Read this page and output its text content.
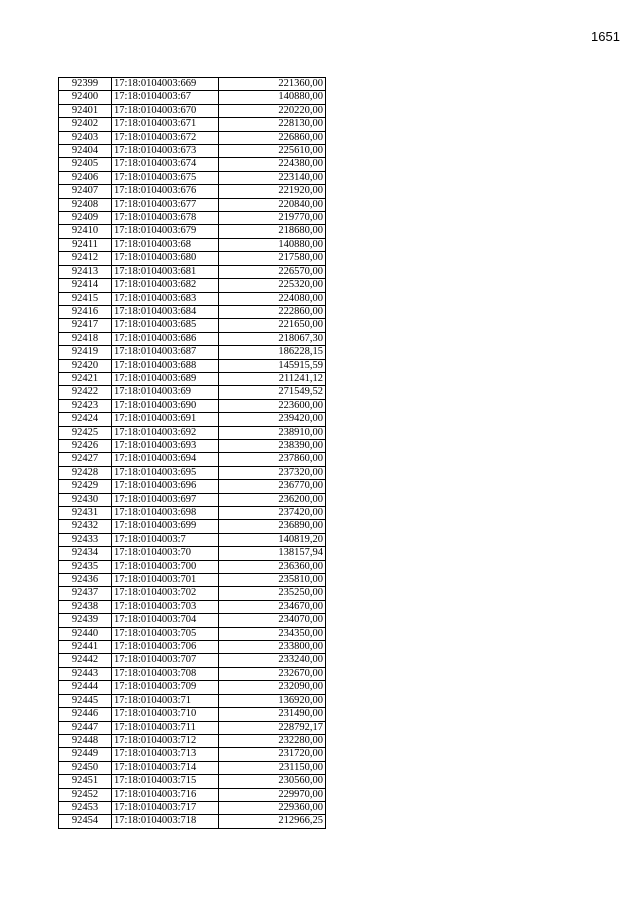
1651
92399	17:18:0104003:669	221360,00
92400	17:18:0104003:67	140880,00
92401	17:18:0104003:670	220220,00
92402	17:18:0104003:671	228130,00
92403	17:18:0104003:672	226860,00
92404	17:18:0104003:673	225610,00
92405	17:18:0104003:674	224380,00
92406	17:18:0104003:675	223140,00
92407	17:18:0104003:676	221920,00
92408	17:18:0104003:677	220840,00
92409	17:18:0104003:678	219770,00
92410	17:18:0104003:679	218680,00
92411	17:18:0104003:68	140880,00
92412	17:18:0104003:680	217580,00
92413	17:18:0104003:681	226570,00
92414	17:18:0104003:682	225320,00
92415	17:18:0104003:683	224080,00
92416	17:18:0104003:684	222860,00
92417	17:18:0104003:685	221650,00
92418	17:18:0104003:686	218067,30
92419	17:18:0104003:687	186228,15
92420	17:18:0104003:688	145915,59
92421	17:18:0104003:689	211241,12
92422	17:18:0104003:69	271549,52
92423	17:18:0104003:690	223600,00
92424	17:18:0104003:691	239420,00
92425	17:18:0104003:692	238910,00
92426	17:18:0104003:693	238390,00
92427	17:18:0104003:694	237860,00
92428	17:18:0104003:695	237320,00
92429	17:18:0104003:696	236770,00
92430	17:18:0104003:697	236200,00
92431	17:18:0104003:698	237420,00
92432	17:18:0104003:699	236890,00
92433	17:18:0104003:7	140819,20
92434	17:18:0104003:70	138157,94
92435	17:18:0104003:700	236360,00
92436	17:18:0104003:701	235810,00
92437	17:18:0104003:702	235250,00
92438	17:18:0104003:703	234670,00
92439	17:18:0104003:704	234070,00
92440	17:18:0104003:705	234350,00
92441	17:18:0104003:706	233800,00
92442	17:18:0104003:707	233240,00
92443	17:18:0104003:708	232670,00
92444	17:18:0104003:709	232090,00
92445	17:18:0104003:71	136920,00
92446	17:18:0104003:710	231490,00
92447	17:18:0104003:711	228792,17
92448	17:18:0104003:712	232280,00
92449	17:18:0104003:713	231720,00
92450	17:18:0104003:714	231150,00
92451	17:18:0104003:715	230560,00
92452	17:18:0104003:716	229970,00
92453	17:18:0104003:717	229360,00
92454	17:18:0104003:718	212966,25
